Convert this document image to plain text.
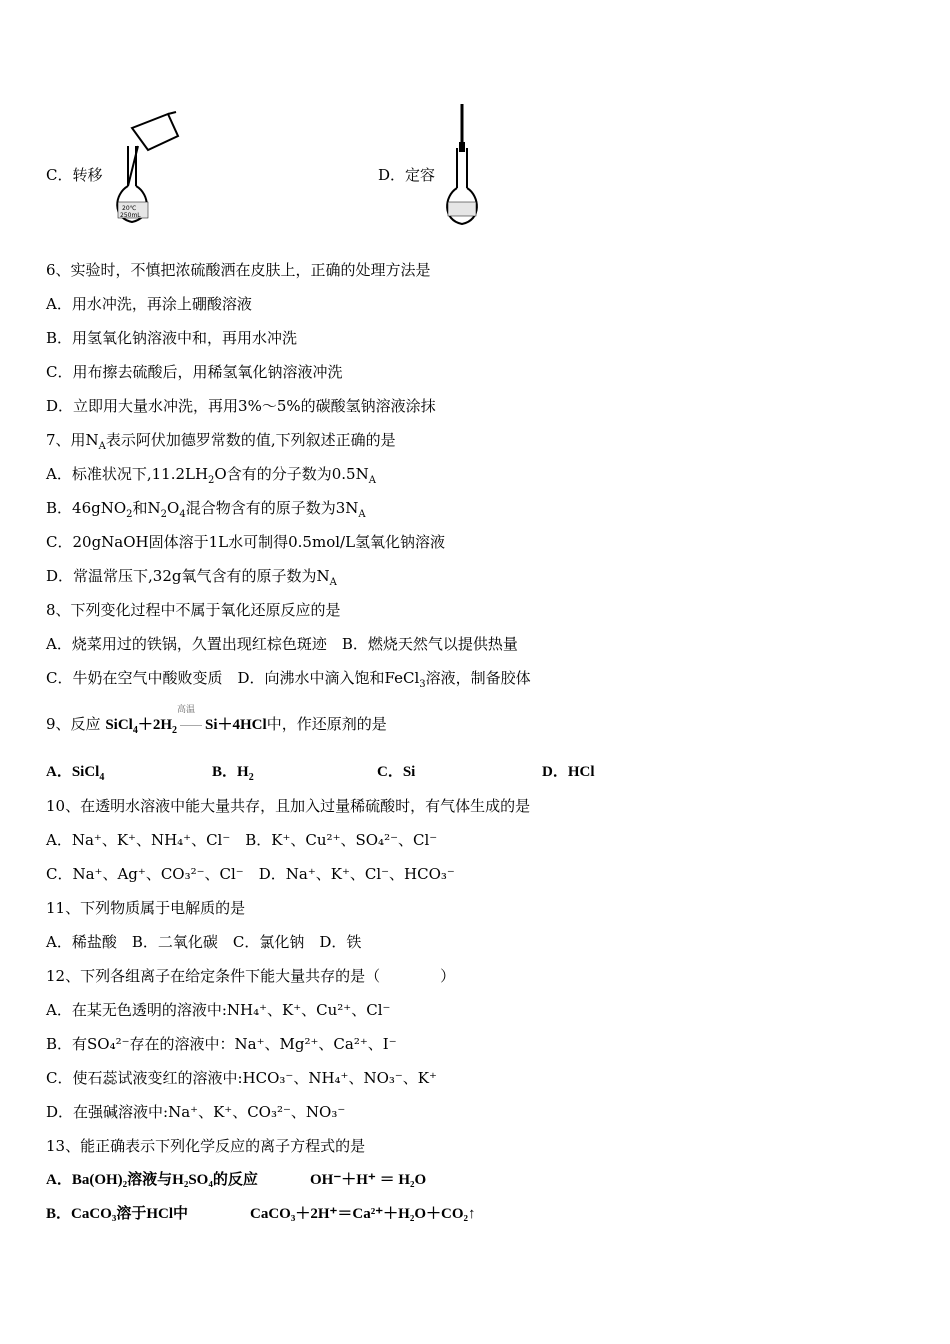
C．转移
20℃
250mL
D．定容
6、实验时，不慎把浓硫酸洒在皮肤上，正确的处理方法是
A．用水冲洗，再涂上硼酸溶液
B．用氢氧化钠溶液中和，再用水冲洗
C．用布擦去硫酸后，用稀氢氧化钠溶液冲洗
D．立即用大量水冲洗，再用3%～5%的碳酸氢钠溶液涂抹
7、用$N_A$表示阿伏加德罗常数的值,下列叙述正确的是
A．标准状况下$,11.2LH_2O$含有的分子数为$0.5N_A$
B．46gNO$_2$和$N_2O_4$混合物含有的原子数为$3N_A$
C．20gNaOH固体溶于1L水可制得0.5mol/L氢氧化钠溶液
D．常温常压下,32g氧气含有的原子数为$N_A$
8、下列变化过程中不属于氧化还原反应的是
A．烧菜用过的铁锅，久置出现红棕色斑迹　B．燃烧天然气以提供热量
C．牛奶在空气中酸败变质　D．向沸水中滴入饱和FeCl$_3$溶液，制备胶体
9、反应 $SiCl_4+2H_2$
高温
Si＋4HCl中，作还原剂的是
A．SiCl$_4$	B．$H_2$	C．Si	D．HCl
10、在透明水溶液中能大量共存，且加入过量稀硫酸时，有气体生成的是
A．Na⁺、K⁺、NH₄⁺、Cl⁻　B．K⁺、Cu²⁺、SO₄²⁻、Cl⁻
C．Na⁺、Ag⁺、CO₃²⁻、Cl⁻　D．Na⁺、K⁺、Cl⁻、HCO₃⁻
11、下列物质属于电解质的是
A．稀盐酸　B．二氧化碳　C．氯化钠　D．铁
12、下列各组离子在给定条件下能大量共存的是（　　　　）
A．在某无色透明的溶液中:NH₄⁺、K⁺、Cu²⁺、Cl⁻
B．有SO₄²⁻存在的溶液中：Na⁺、Mg²⁺、Ca²⁺、I⁻
C．使石蕊试液变红的溶液中:HCO₃⁻、NH₄⁺、NO₃⁻、K⁺
D．在强碱溶液中:Na⁺、K⁺、CO₃²⁻、NO₃⁻
13、能正确表示下列化学反应的离子方程式的是
A．Ba(OH)₂溶液与H₂SO₄的反应	OH⁻＋H⁺ ＝ H₂O
B．CaCO₃溶于HCl中	CaCO₃＋2H⁺＝Ca²⁺＋H₂O＋CO₂↑
